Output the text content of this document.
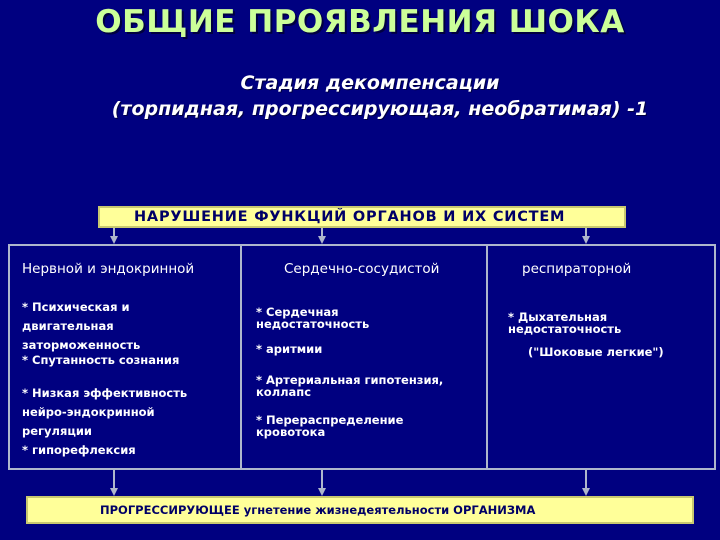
ОБЩИЕ ПРОЯВЛЕНИЯ ШОКА
Стадия декомпенсации
(торпидная, прогрессирующая, необратимая) -1
НАРУШЕНИЕ ФУНКЦИЙ ОРГАНОВ И ИХ СИСТЕМ
Нервной и эндокринной	Сердечно-сосудистой	респираторной
* Психическая и
двигательная
заторможенность
* Спутанность сознания
* Низкая эффективность
нейро-эндокринной
регуляции
* гипорефлексия
* Сердечная
недостаточность
* аритмии
* Артериальная гипотензия,
коллапс
* Перераспределение
кровотока
* Дыхательная
недостаточность
("Шоковые легкие")
ПРОГРЕССИРУЮЩЕЕ угнетение жизнедеятельности ОРГАНИЗМА
